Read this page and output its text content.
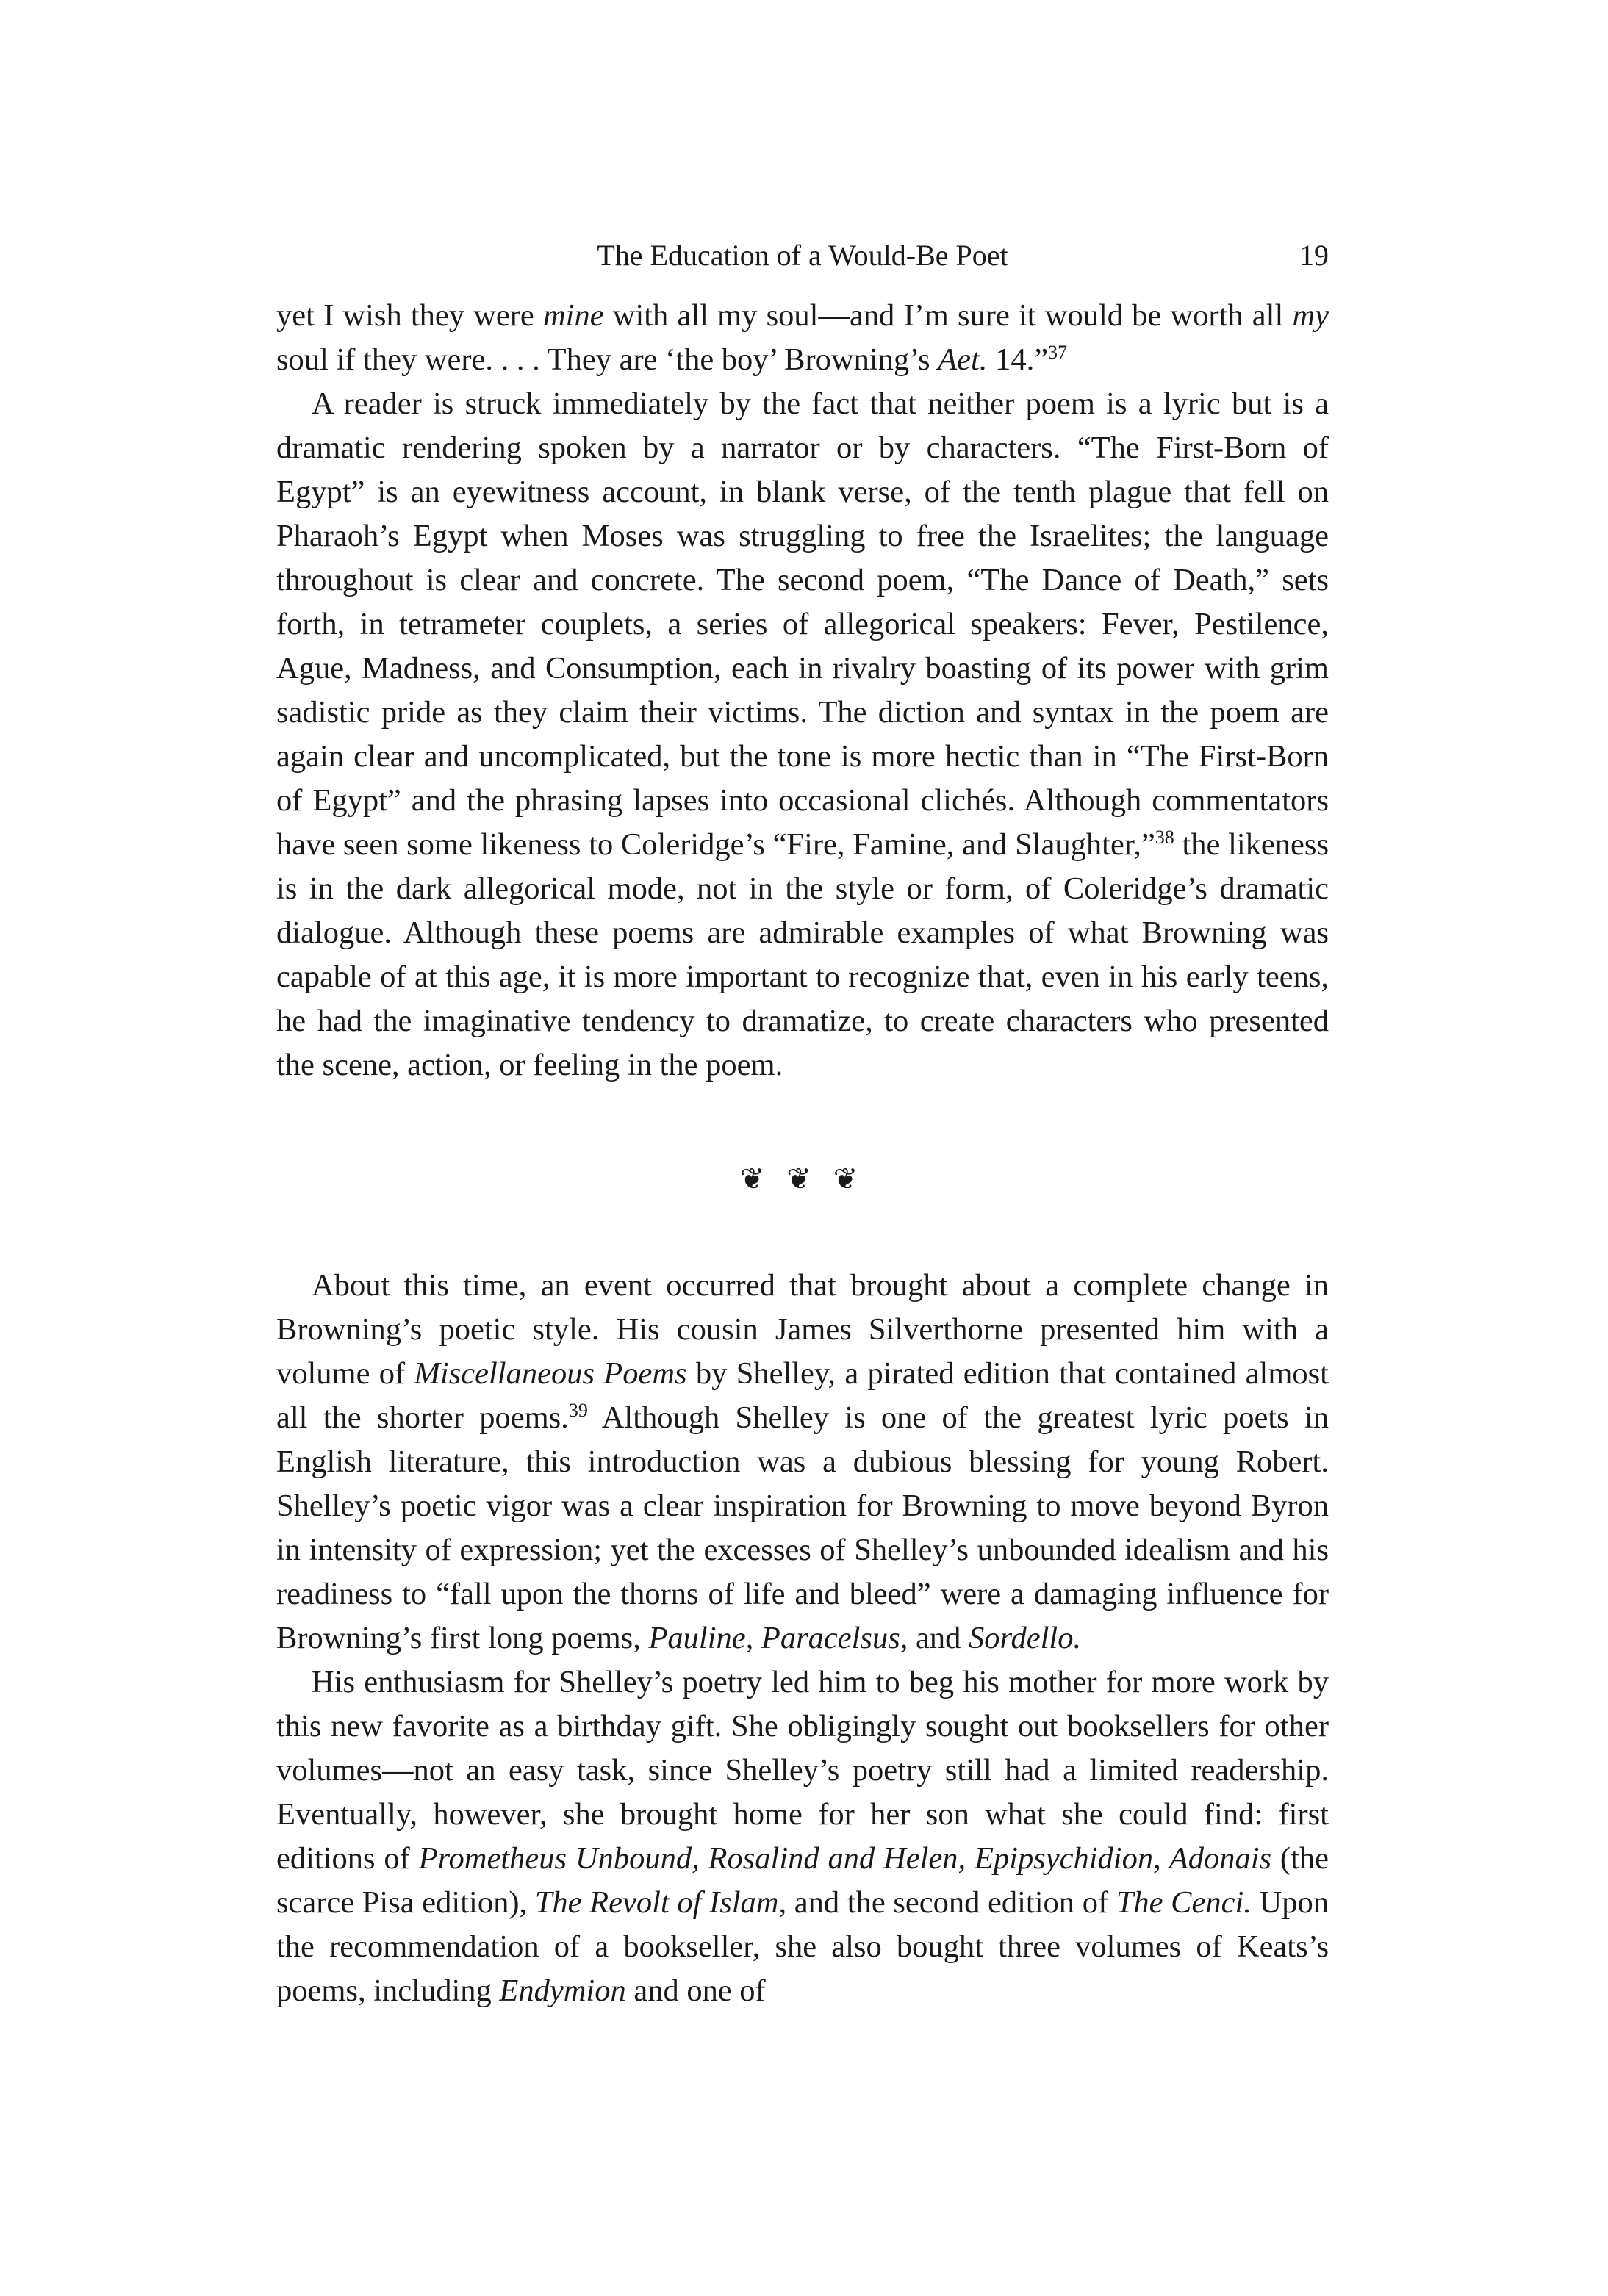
The Education of a Would-Be Poet	19

yet I wish they were mine with all my soul—and I’m sure it would be worth all my soul if they were. . . . They are ‘the boy’ Browning’s Aet. 14.”$^{37}$

A reader is struck immediately by the fact that neither poem is a lyric but is a dramatic rendering spoken by a narrator or by characters. “The First-Born of Egypt” is an eyewitness account, in blank verse, of the tenth plague that fell on Pharaoh’s Egypt when Moses was struggling to free the Israelites; the language throughout is clear and concrete. The second poem, “The Dance of Death,” sets forth, in tetrameter couplets, a series of allegorical speakers: Fever, Pestilence, Ague, Madness, and Consumption, each in rivalry boasting of its power with grim sadistic pride as they claim their victims. The diction and syntax in the poem are again clear and uncomplicated, but the tone is more hectic than in “The First-Born of Egypt” and the phrasing lapses into occasional clichés. Although commentators have seen some likeness to Coleridge’s “Fire, Famine, and Slaughter,”$^{38}$ the likeness is in the dark allegorical mode, not in the style or form, of Coleridge’s dramatic dialogue. Although these poems are admirable examples of what Browning was capable of at this age, it is more important to recognize that, even in his early teens, he had the imaginative tendency to dramatize, to create characters who presented the scene, action, or feeling in the poem.

❦ ❦ ❦

About this time, an event occurred that brought about a complete change in Browning’s poetic style. His cousin James Silverthorne presented him with a volume of Miscellaneous Poems by Shelley, a pirated edition that contained almost all the shorter poems.$^{39}$ Although Shelley is one of the greatest lyric poets in English literature, this introduction was a dubious blessing for young Robert. Shelley’s poetic vigor was a clear inspiration for Browning to move beyond Byron in intensity of expression; yet the excesses of Shelley’s unbounded idealism and his readiness to “fall upon the thorns of life and bleed” were a damaging influence for Browning’s first long poems, Pauline, Paracelsus, and Sordello.

His enthusiasm for Shelley’s poetry led him to beg his mother for more work by this new favorite as a birthday gift. She obligingly sought out booksellers for other volumes—not an easy task, since Shelley’s poetry still had a limited readership. Eventually, however, she brought home for her son what she could find: first editions of Prometheus Unbound, Rosalind and Helen, Epipsychidion, Adonais (the scarce Pisa edition), The Revolt of Islam, and the second edition of The Cenci. Upon the recommendation of a bookseller, she also bought three volumes of Keats’s poems, including Endymion and one of
